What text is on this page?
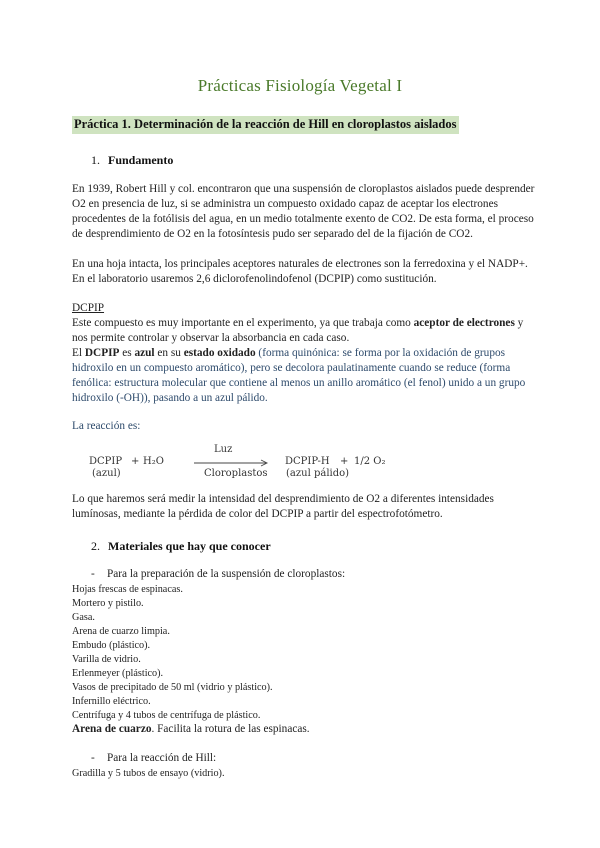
Prácticas Fisiología Vegetal I
Práctica 1. Determinación de la reacción de Hill en cloroplastos aislados
1. Fundamento
En 1939, Robert Hill y col. encontraron que una suspensión de cloroplastos aislados puede desprender
O2 en presencia de luz, si se administra un compuesto oxidado capaz de aceptar los electrones
procedentes de la fotólisis del agua, en un medio totalmente exento de CO2. De esta forma, el proceso
de desprendimiento de O2 en la fotosíntesis pudo ser separado del de la fijación de CO2.
En una hoja intacta, los principales aceptores naturales de electrones son la ferredoxina y el NADP+.
En el laboratorio usaremos 2,6 diclorofenolindofenol (DCPIP) como sustitución.
DCPIP
Este compuesto es muy importante en el experimento, ya que trabaja como aceptor de electrones y
nos permite controlar y observar la absorbancia en cada caso.
El DCPIP es azul en su estado oxidado (forma quinónica: se forma por la oxidación de grupos
hidroxilo en un compuesto aromático), pero se decolora paulatinamente cuando se reduce (forma
fenólica: estructura molecular que contiene al menos un anillo aromático (el fenol) unido a un grupo
hidroxilo (-OH)), pasando a un azul pálido.
La reacción es:
DCPIP
(azul)
+ H₂O
Luz
Cloroplastos
DCPIP-H
(azul pálido)
+ 1/2 O₂
Lo que haremos será medir la intensidad del desprendimiento de O2 a diferentes intensidades
lumínosas, mediante la pérdida de color del DCPIP a partir del espectrofotómetro.
2. Materiales que hay que conocer
- Para la preparación de la suspensión de cloroplastos:
Hojas frescas de espinacas.
Mortero y pistilo.
Gasa.
Arena de cuarzo limpia.
Embudo (plástico).
Varilla de vidrio.
Erlenmeyer (plástico).
Vasos de precipitado de 50 ml (vidrio y plástico).
Infernillo eléctrico.
Centrífuga y 4 tubos de centrífuga de plástico.
Arena de cuarzo. Facilita la rotura de las espinacas.
- Para la reacción de Hill:
Gradilla y 5 tubos de ensayo (vidrio).
